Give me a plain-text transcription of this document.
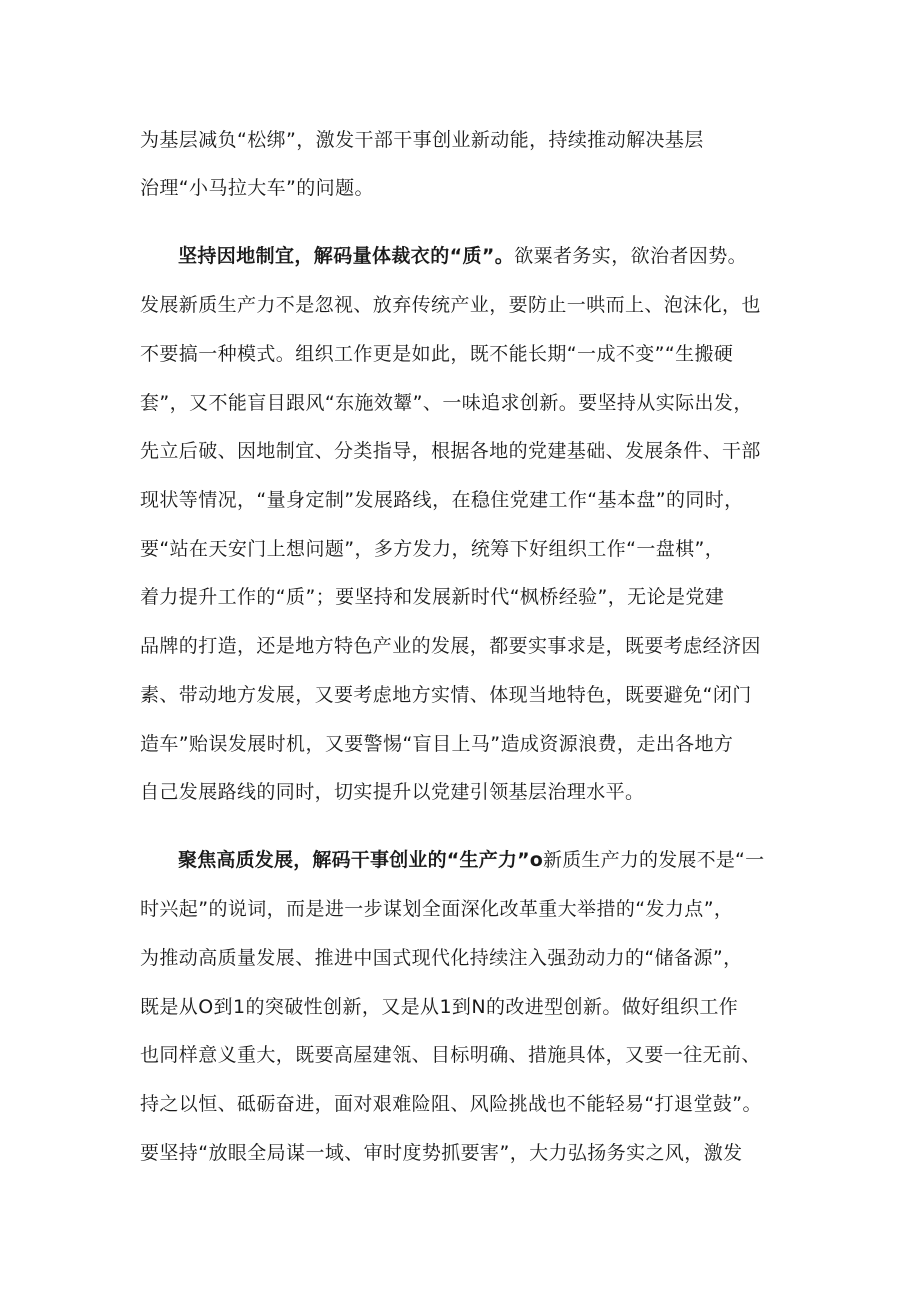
为基层减负“松绑”，激发干部干事创业新动能，持续推动解决基层
治理“小马拉大车”的问题。
坚持因地制宜，解码量体裁衣的“质”。欲粟者务实，欲治者因势。
发展新质生产力不是忽视、放弃传统产业，要防止一哄而上、泡沫化，也
不要搞一种模式。组织工作更是如此，既不能长期“一成不变”“生搬硬
套”，又不能盲目跟风“东施效颦”、一味追求创新。要坚持从实际出发，
先立后破、因地制宜、分类指导，根据各地的党建基础、发展条件、干部
现状等情况，“量身定制”发展路线，在稳住党建工作“基本盘”的同时，
要“站在天安门上想问题”，多方发力，统筹下好组织工作“一盘棋”，
着力提升工作的“质”；要坚持和发展新时代“枫桥经验”，无论是党建
品牌的打造，还是地方特色产业的发展，都要实事求是，既要考虑经济因
素、带动地方发展，又要考虑地方实情、体现当地特色，既要避免“闭门
造车”贻误发展时机，又要警惕“盲目上马”造成资源浪费，走出各地方
自己发展路线的同时，切实提升以党建引领基层治理水平。
聚焦高质发展，解码干事创业的“生产力”o新质生产力的发展不是“一
时兴起”的说词，而是进一步谋划全面深化改革重大举措的“发力点”，
为推动高质量发展、推进中国式现代化持续注入强劲动力的“储备源”，
既是从O到1的突破性创新，又是从1到N的改进型创新。做好组织工作
也同样意义重大，既要高屋建瓴、目标明确、措施具体，又要一往无前、
持之以恒、砥砺奋进，面对艰难险阻、风险挑战也不能轻易“打退堂鼓”。
要坚持“放眼全局谋一域、审时度势抓要害”，大力弘扬务实之风，激发
